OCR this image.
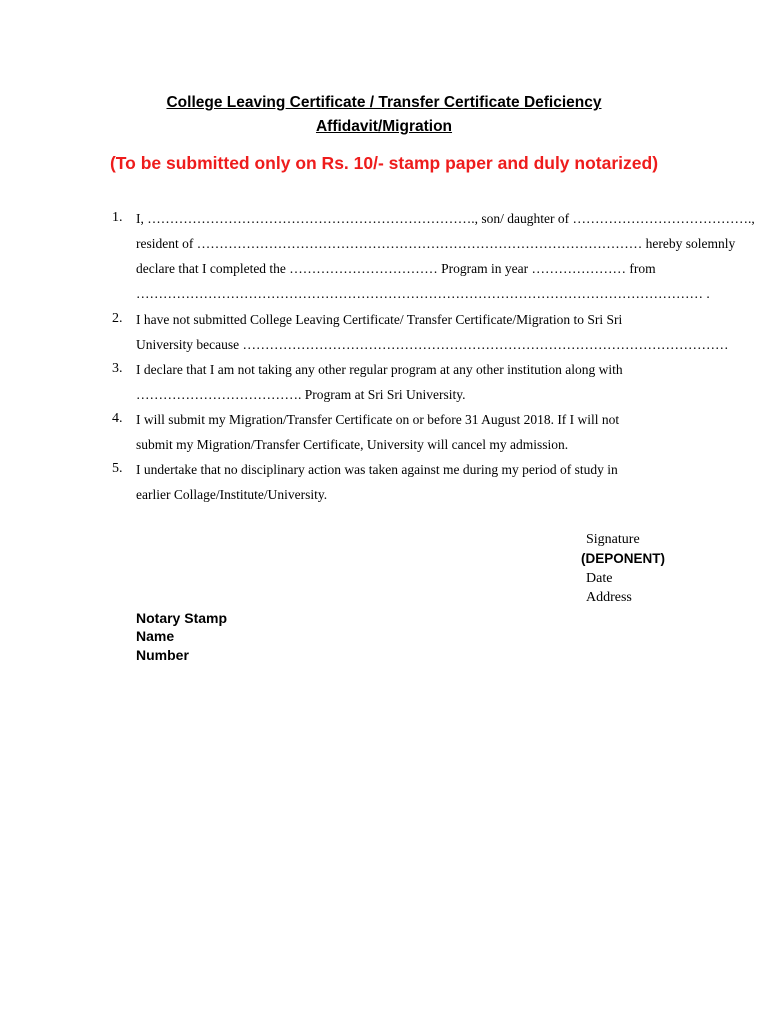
College Leaving Certificate / Transfer Certificate Deficiency
Affidavit/Migration
(To be submitted only on Rs. 10/- stamp paper and duly notarized)
1. I, ………………………………………………………………., son/ daughter of ………………………………….,
resident of ……………………………………………………………………………………… hereby solemnly
declare that I completed the …………………………… Program in year ………………… from
……………………………………………………………………………………………………………… .
2. I have not submitted College Leaving Certificate/ Transfer Certificate/Migration to Sri Sri
University because ………………………………………………………………………………………………
3. I declare that I am not taking any other regular program at any other institution along with
………………………………. Program at Sri Sri University.
4. I will submit my Migration/Transfer Certificate on or before 31 August 2018. If I will not
submit my Migration/Transfer Certificate, University will cancel my admission.
5. I undertake that no disciplinary action was taken against me during my period of study in
earlier Collage/Institute/University.
Signature
(DEPONENT)
Date
Address
Notary Stamp
Name
Number
